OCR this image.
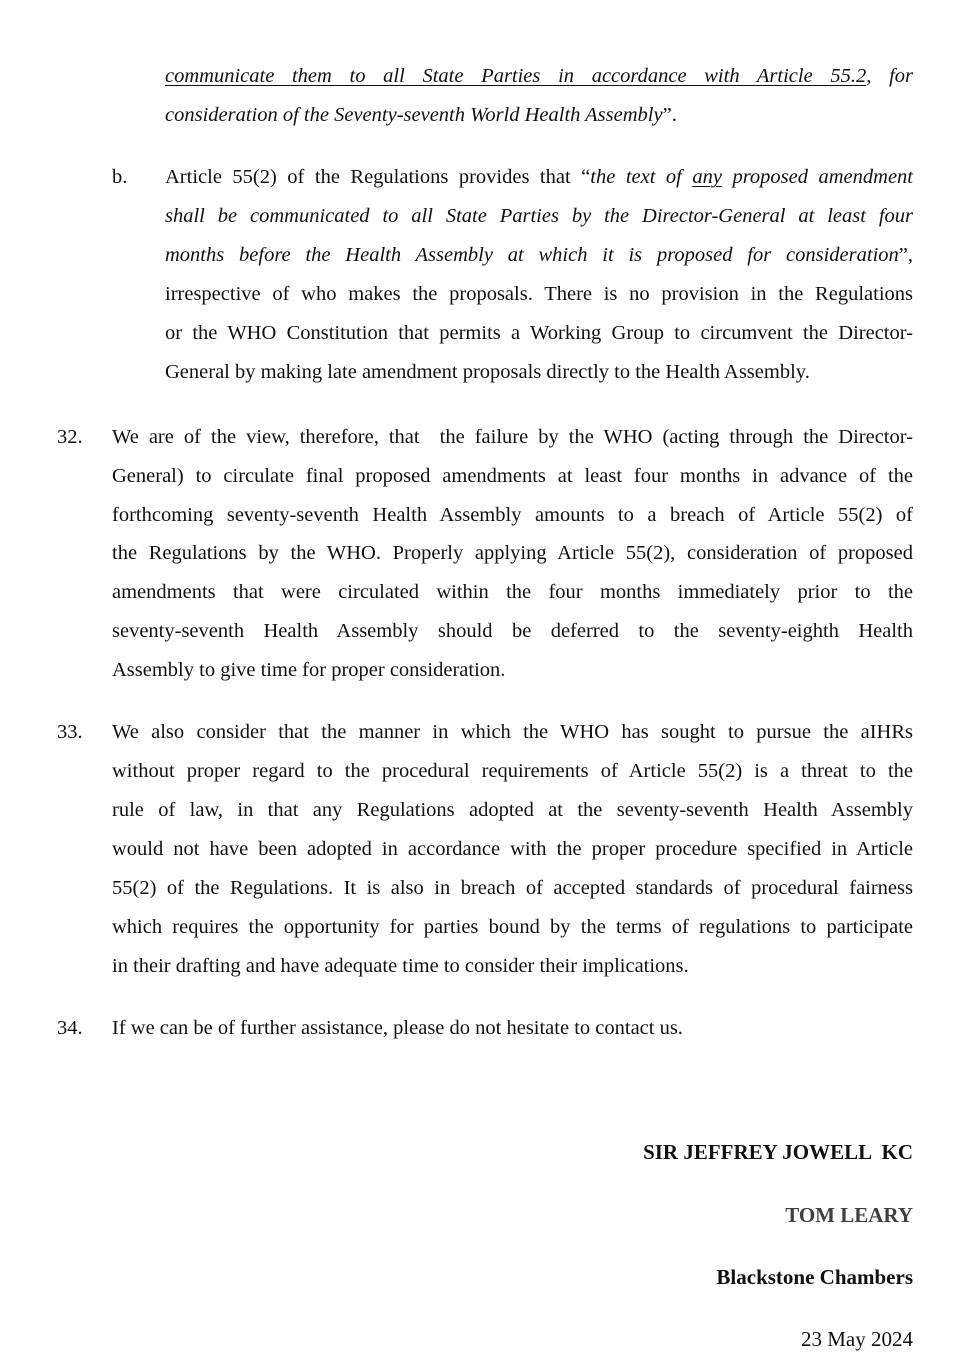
communicate them to all State Parties in accordance with Article 55.2, for
consideration of the Seventy-seventh World Health Assembly”.
b. Article 55(2) of the Regulations provides that “the text of any proposed amendment
shall be communicated to all State Parties by the Director-General at least four
months before the Health Assembly at which it is proposed for consideration”,
irrespective of who makes the proposals. There is no provision in the Regulations
or the WHO Constitution that permits a Working Group to circumvent the Director-
General by making late amendment proposals directly to the Health Assembly.
32. We are of the view, therefore, that  the failure by the WHO (acting through the Director-
General) to circulate final proposed amendments at least four months in advance of the
forthcoming seventy-seventh Health Assembly amounts to a breach of Article 55(2) of
the Regulations by the WHO. Properly applying Article 55(2), consideration of proposed
amendments that were circulated within the four months immediately prior to the
seventy-seventh Health Assembly should be deferred to the seventy-eighth Health
Assembly to give time for proper consideration.
33. We also consider that the manner in which the WHO has sought to pursue the aIHRs
without proper regard to the procedural requirements of Article 55(2) is a threat to the
rule of law, in that any Regulations adopted at the seventy-seventh Health Assembly
would not have been adopted in accordance with the proper procedure specified in Article
55(2) of the Regulations. It is also in breach of accepted standards of procedural fairness
which requires the opportunity for parties bound by the terms of regulations to participate
in their drafting and have adequate time to consider their implications.
34. If we can be of further assistance, please do not hesitate to contact us.
SIR JEFFREY JOWELL  KC
TOM LEARY
Blackstone Chambers
23 May 2024
